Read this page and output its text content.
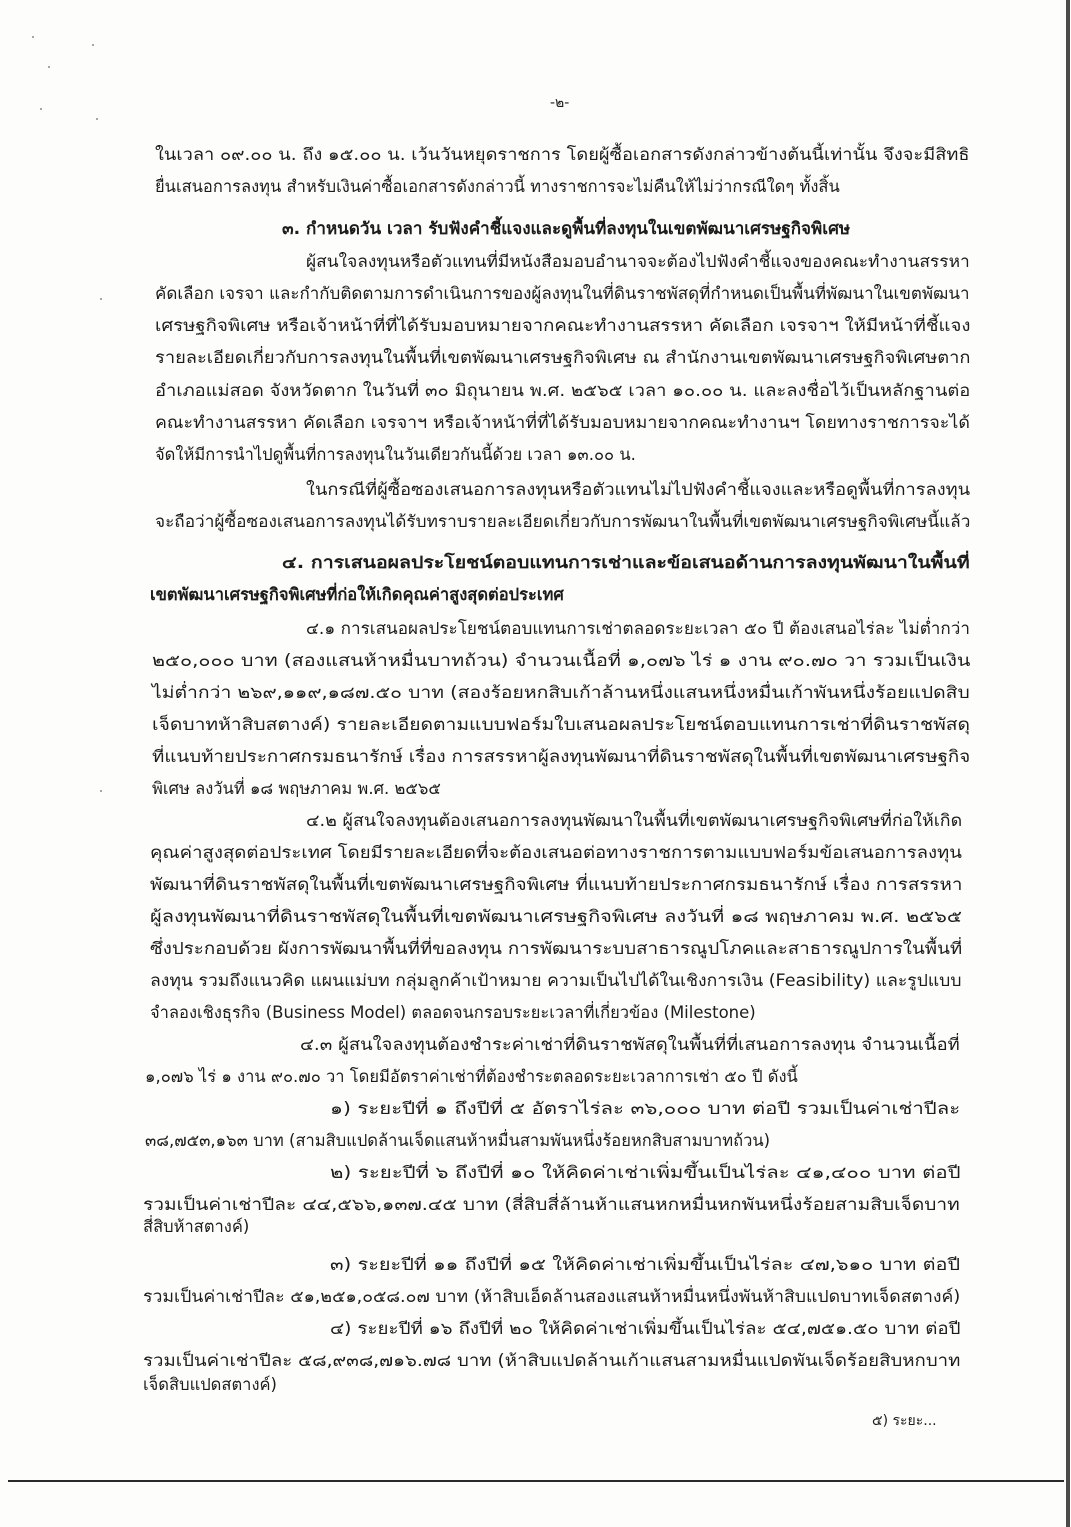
-๒-
ในเวลา ๐๙.๐๐ น. ถึง ๑๕.๐๐ น. เว้นวันหยุดราชการ โดยผู้ซื้อเอกสารดังกล่าวข้างต้นนี้เท่านั้น จึงจะมีสิทธิ
ยื่นเสนอการลงทุน สำหรับเงินค่าซื้อเอกสารดังกล่าวนี้ ทางราชการจะไม่คืนให้ไม่ว่ากรณีใดๆ ทั้งสิ้น
๓. กำหนดวัน เวลา รับฟังคำชี้แจงและดูพื้นที่ลงทุนในเขตพัฒนาเศรษฐกิจพิเศษ
ผู้สนใจลงทุนหรือตัวแทนที่มีหนังสือมอบอำนาจจะต้องไปฟังคำชี้แจงของคณะทำงานสรรหา
คัดเลือก เจรจา และกำกับติดตามการดำเนินการของผู้ลงทุนในที่ดินราชพัสดุที่กำหนดเป็นพื้นที่พัฒนาในเขตพัฒนา
เศรษฐกิจพิเศษ หรือเจ้าหน้าที่ที่ได้รับมอบหมายจากคณะทำงานสรรหา คัดเลือก เจรจาฯ ให้มีหน้าที่ชี้แจง
รายละเอียดเกี่ยวกับการลงทุนในพื้นที่เขตพัฒนาเศรษฐกิจพิเศษ ณ สำนักงานเขตพัฒนาเศรษฐกิจพิเศษตาก
อำเภอแม่สอด จังหวัดตาก ในวันที่ ๓๐ มิถุนายน พ.ศ. ๒๕๖๕ เวลา ๑๐.๐๐ น. และลงชื่อไว้เป็นหลักฐานต่อ
คณะทำงานสรรหา คัดเลือก เจรจาฯ หรือเจ้าหน้าที่ที่ได้รับมอบหมายจากคณะทำงานฯ โดยทางราชการจะได้
จัดให้มีการนำไปดูพื้นที่การลงทุนในวันเดียวกันนี้ด้วย เวลา ๑๓.๐๐ น.
ในกรณีที่ผู้ซื้อซองเสนอการลงทุนหรือตัวแทนไม่ไปฟังคำชี้แจงและหรือดูพื้นที่การลงทุน
จะถือว่าผู้ซื้อซองเสนอการลงทุนได้รับทราบรายละเอียดเกี่ยวกับการพัฒนาในพื้นที่เขตพัฒนาเศรษฐกิจพิเศษนี้แล้ว
๔. การเสนอผลประโยชน์ตอบแทนการเช่าและข้อเสนอด้านการลงทุนพัฒนาในพื้นที่
เขตพัฒนาเศรษฐกิจพิเศษที่ก่อให้เกิดคุณค่าสูงสุดต่อประเทศ
๔.๑ การเสนอผลประโยชน์ตอบแทนการเช่าตลอดระยะเวลา ๕๐ ปี ต้องเสนอไร่ละ ไม่ต่ำกว่า
๒๕๐,๐๐๐ บาท (สองแสนห้าหมื่นบาทถ้วน) จำนวนเนื้อที่ ๑,๐๗๖ ไร่ ๑ งาน ๙๐.๗๐ วา รวมเป็นเงิน
ไม่ต่ำกว่า ๒๖๙,๑๑๙,๑๘๗.๕๐ บาท (สองร้อยหกสิบเก้าล้านหนึ่งแสนหนึ่งหมื่นเก้าพันหนึ่งร้อยแปดสิบ
เจ็ดบาทห้าสิบสตางค์) รายละเอียดตามแบบฟอร์มใบเสนอผลประโยชน์ตอบแทนการเช่าที่ดินราชพัสดุ
ที่แนบท้ายประกาศกรมธนารักษ์ เรื่อง การสรรหาผู้ลงทุนพัฒนาที่ดินราชพัสดุในพื้นที่เขตพัฒนาเศรษฐกิจ
พิเศษ ลงวันที่ ๑๘ พฤษภาคม พ.ศ. ๒๕๖๕
๔.๒ ผู้สนใจลงทุนต้องเสนอการลงทุนพัฒนาในพื้นที่เขตพัฒนาเศรษฐกิจพิเศษที่ก่อให้เกิด
คุณค่าสูงสุดต่อประเทศ โดยมีรายละเอียดที่จะต้องเสนอต่อทางราชการตามแบบฟอร์มข้อเสนอการลงทุน
พัฒนาที่ดินราชพัสดุในพื้นที่เขตพัฒนาเศรษฐกิจพิเศษ ที่แนบท้ายประกาศกรมธนารักษ์ เรื่อง การสรรหา
ผู้ลงทุนพัฒนาที่ดินราชพัสดุในพื้นที่เขตพัฒนาเศรษฐกิจพิเศษ ลงวันที่ ๑๘ พฤษภาคม พ.ศ. ๒๕๖๕
ซึ่งประกอบด้วย ผังการพัฒนาพื้นที่ที่ขอลงทุน การพัฒนาระบบสาธารณูปโภคและสาธารณูปการในพื้นที่
ลงทุน รวมถึงแนวคิด แผนแม่บท กลุ่มลูกค้าเป้าหมาย ความเป็นไปได้ในเชิงการเงิน (Feasibility) และรูปแบบ
จำลองเชิงธุรกิจ (Business Model) ตลอดจนกรอบระยะเวลาที่เกี่ยวข้อง (Milestone)
๔.๓ ผู้สนใจลงทุนต้องชำระค่าเช่าที่ดินราชพัสดุในพื้นที่ที่เสนอการลงทุน จำนวนเนื้อที่
๑,๐๗๖ ไร่ ๑ งาน ๙๐.๗๐ วา โดยมีอัตราค่าเช่าที่ต้องชำระตลอดระยะเวลาการเช่า ๕๐ ปี ดังนี้
๑) ระยะปีที่ ๑ ถึงปีที่ ๕ อัตราไร่ละ ๓๖,๐๐๐ บาท ต่อปี รวมเป็นค่าเช่าปีละ
๓๘,๗๕๓,๑๖๓ บาท (สามสิบแปดล้านเจ็ดแสนห้าหมื่นสามพันหนึ่งร้อยหกสิบสามบาทถ้วน)
๒) ระยะปีที่ ๖ ถึงปีที่ ๑๐ ให้คิดค่าเช่าเพิ่มขึ้นเป็นไร่ละ ๔๑,๔๐๐ บาท ต่อปี
รวมเป็นค่าเช่าปีละ ๔๔,๕๖๖,๑๓๗.๔๕ บาท (สี่สิบสี่ล้านห้าแสนหกหมื่นหกพันหนึ่งร้อยสามสิบเจ็ดบาท
สี่สิบห้าสตางค์)
๓) ระยะปีที่ ๑๑ ถึงปีที่ ๑๕ ให้คิดค่าเช่าเพิ่มขึ้นเป็นไร่ละ ๔๗,๖๑๐ บาท ต่อปี
รวมเป็นค่าเช่าปีละ ๕๑,๒๕๑,๐๕๘.๐๗ บาท (ห้าสิบเอ็ดล้านสองแสนห้าหมื่นหนึ่งพันห้าสิบแปดบาทเจ็ดสตางค์)
๔) ระยะปีที่ ๑๖ ถึงปีที่ ๒๐ ให้คิดค่าเช่าเพิ่มขึ้นเป็นไร่ละ ๕๔,๗๕๑.๕๐ บาท ต่อปี
รวมเป็นค่าเช่าปีละ ๕๘,๙๓๘,๗๑๖.๗๘ บาท (ห้าสิบแปดล้านเก้าแสนสามหมื่นแปดพันเจ็ดร้อยสิบหกบาท
เจ็ดสิบแปดสตางค์)
๕) ระยะ...
